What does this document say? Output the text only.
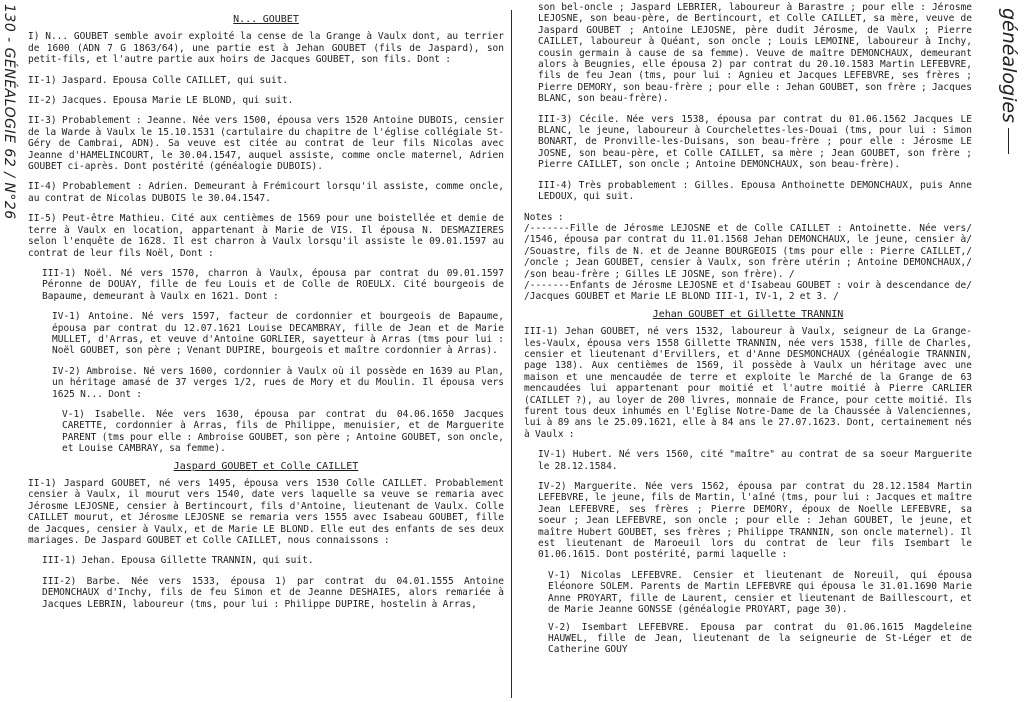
130 - GÉNÉALOGIE 62 / N°26	généalogies

N... GOUBET

I) N... GOUBET semble avoir exploité la cense de la Grange à Vaulx dont, au terrier de 1600 (ADN 7 G 1863/64), une partie est à Jehan GOUBET (fils de Jaspard), son petit-fils, et l'autre partie aux hoirs de Jacques GOUBET, son fils. Dont :

II-1) Jaspard. Epousa Colle CAILLET, qui suit.

II-2) Jacques. Epousa Marie LE BLOND, qui suit.

II-3) Probablement : Jeanne. Née vers 1500, épousa vers 1520 Antoine DUBOIS, censier de la Warde à Vaulx le 15.10.1531 (cartulaire du chapitre de l'église collégiale St-Géry de Cambrai, ADN). Sa veuve est citée au contrat de leur fils Nicolas avec Jeanne d'HAMELINCOURT, le 30.04.1547, auquel assiste, comme oncle maternel, Adrien GOUBET ci-après. Dont postérité (généalogie DUBOIS).

II-4) Probablement : Adrien. Demeurant à Frémicourt lorsqu'il assiste, comme oncle, au contrat de Nicolas DUBOIS le 30.04.1547.

II-5) Peut-être Mathieu. Cité aux centièmes de 1569 pour une boistellée et demie de terre à Vaulx en location, appartenant à Marie de VIS. Il épousa N. DESMAZIERES selon l'enquête de 1628. Il est charron à Vaulx lorsqu'il assiste le 09.01.1597 au contrat de leur fils Noël, Dont :

III-1) Noël. Né vers 1570, charron à Vaulx, épousa par contrat du 09.01.1597 Péronne de DOUAY, fille de feu Louis et de Colle de ROEULX. Cité bourgeois de Bapaume, demeurant à Vaulx en 1621. Dont :

IV-1) Antoine. Né vers 1597, facteur de cordonnier et bourgeois de Bapaume, épousa par contrat du 12.07.1621 Louise DECAMBRAY, fille de Jean et de Marie MULLET, d'Arras, et veuve d'Antoine GORLIER, sayetteur à Arras (tms pour lui : Noël GOUBET, son père ; Venant DUPIRE, bourgeois et maître cordonnier à Arras).

IV-2) Ambroise. Né vers 1600, cordonnier à Vaulx où il possède en 1639 au Plan, un héritage amasé de 37 verges 1/2, rues de Mory et du Moulin. Il épousa vers 1625 N... Dont :

V-1) Isabelle. Née vers 1630, épousa par contrat du 04.06.1650 Jacques CARETTE, cordonnier à Arras, fils de Philippe, menuisier, et de Marguerite PARENT (tms pour elle : Ambroise GOUBET, son père ; Antoine GOUBET, son oncle, et Louise CAMBRAY, sa femme).

Jaspard GOUBET et Colle CAILLET

II-1) Jaspard GOUBET, né vers 1495, épousa vers 1530 Colle CAILLET. Probablement censier à Vaulx, il mourut vers 1540, date vers laquelle sa veuve se remaria avec Jérosme LEJOSNE, censier à Bertincourt, fils d'Antoine, lieutenant de Vaulx. Colle CAILLET mourut, et Jérosme LEJOSNE se remaria vers 1555 avec Isabeau GOUBET, fille de Jacques, censier à Vaulx, et de Marie LE BLOND. Elle eut des enfants de ses deux mariages. De Jaspard GOUBET et Colle CAILLET, nous connaissons :

III-1) Jehan. Epousa Gillette TRANNIN, qui suit.

III-2) Barbe. Née vers 1533, épousa 1) par contrat du 04.01.1555 Antoine DEMONCHAUX d'Inchy, fils de feu Simon et de Jeanne DESHAIES, alors remariée à Jacques LEBRIN, laboureur (tms, pour lui : Philippe DUPIRE, hostelin à Arras,

son bel-oncle ; Jaspard LEBRIER, laboureur à Barastre ; pour elle : Jérosme LEJOSNE, son beau-père, de Bertincourt, et Colle CAILLET, sa mère, veuve de Jaspard GOUBET ; Antoine LEJOSNE, père dudit Jérosme, de Vaulx ; Pierre CAILLET, laboureur à Quéant, son oncle ; Louis LEMOINE, laboureur à Inchy, cousin germain à cause de sa femme). Veuve de maître DEMONCHAUX, demeurant alors à Beugnies, elle épousa 2) par contrat du 20.10.1583 Martin LEFEBVRE, fils de feu Jean (tms, pour lui : Agnieu et Jacques LEFEBVRE, ses frères ; Pierre DEMORY, son beau-frère ; pour elle : Jehan GOUBET, son frère ; Jacques BLANC, son beau-frère).

III-3) Cécile. Née vers 1538, épousa par contrat du 01.06.1562 Jacques LE BLANC, le jeune, laboureur à Courchelettes-les-Douai (tms, pour lui : Simon BONART, de Pronville-les-Duisans, son beau-frère ; pour elle : Jérosme LE JOSNE, son beau-père, et Colle CAILLET, sa mère ; Jean GOUBET, son frère ; Pierre CAILLET, son oncle ; Antoine DEMONCHAUX, son beau-frère).

III-4) Très probablement : Gilles. Epousa Anthoinette DEMONCHAUX, puis Anne LEDOUX, qui suit.

Notes :

/-------Fille de Jérosme LEJOSNE et de Colle CAILLET : Antoinette. Née vers/ /1546, épousa par contrat du 11.01.1568 Jehan DEMONCHAUX, le jeune, censier à/ /Souastre, fils de N. et de Jeanne BOURGEOIS (tms pour elle : Pierre CAILLET,/ /oncle ; Jean GOUBET, censier à Vaulx, son frère utérin ; Antoine DEMONCHAUX,/ /son beau-frère ; Gilles LE JOSNE, son frère). /

/-------Enfants de Jérosme LEJOSNE et d'Isabeau GOUBET : voir à descendance de/ /Jacques GOUBET et Marie LE BLOND III-1, IV-1, 2 et 3. /

Jehan GOUBET et Gillette TRANNIN

III-1) Jehan GOUBET, né vers 1532, laboureur à Vaulx, seigneur de La Grange-les-Vaulx, épousa vers 1558 Gillette TRANNIN, née vers 1538, fille de Charles, censier et lieutenant d'Ervillers, et d'Anne DESMONCHAUX (généalogie TRANNIN, page 138). Aux centièmes de 1569, il possède à Vaulx un héritage avec une maison et une mencaudée de terre et exploite le Marché de la Grange de 63 mencaudées lui appartenant pour moitié et l'autre moitié à Pierre CARLIER (CAILLET ?), au loyer de 200 livres, monnaie de France, pour cette moitié. Ils furent tous deux inhumés en l'Eglise Notre-Dame de la Chaussée à Valenciennes, lui à 89 ans le 25.09.1621, elle à 84 ans le 27.07.1623. Dont, certainement nés à Vaulx :

IV-1) Hubert. Né vers 1560, cité "maître" au contrat de sa soeur Marguerite le 28.12.1584.

IV-2) Marguerite. Née vers 1562, épousa par contrat du 28.12.1584 Martin LEFEBVRE, le jeune, fils de Martin, l'aîné (tms, pour lui : Jacques et maître Jean LEFEBVRE, ses frères ; Pierre DEMORY, époux de Noelle LEFEBVRE, sa soeur ; Jean LEFEBVRE, son oncle ; pour elle : Jehan GOUBET, le jeune, et maître Hubert GOUBET, ses frères ; Philippe TRANNIN, son oncle maternel). Il est lieutenant de Maroeuil lors du contrat de leur fils Isembart le 01.06.1615. Dont postérité, parmi laquelle :

V-1) Nicolas LEFEBVRE. Censier et lieutenant de Noreuil, qui épousa Eléonore SOLEM. Parents de Martin LEFEBVRE qui épousa le 31.01.1690 Marie Anne PROYART, fille de Laurent, censier et lieutenant de Baillescourt, et de Marie Jeanne GONSSE (généalogie PROYART, page 30).

V-2) Isembart LEFEBVRE. Epousa par contrat du 01.06.1615 Magdeleine HAUWEL, fille de Jean, lieutenant de la seigneurie de St-Léger et de Catherine GOUY
